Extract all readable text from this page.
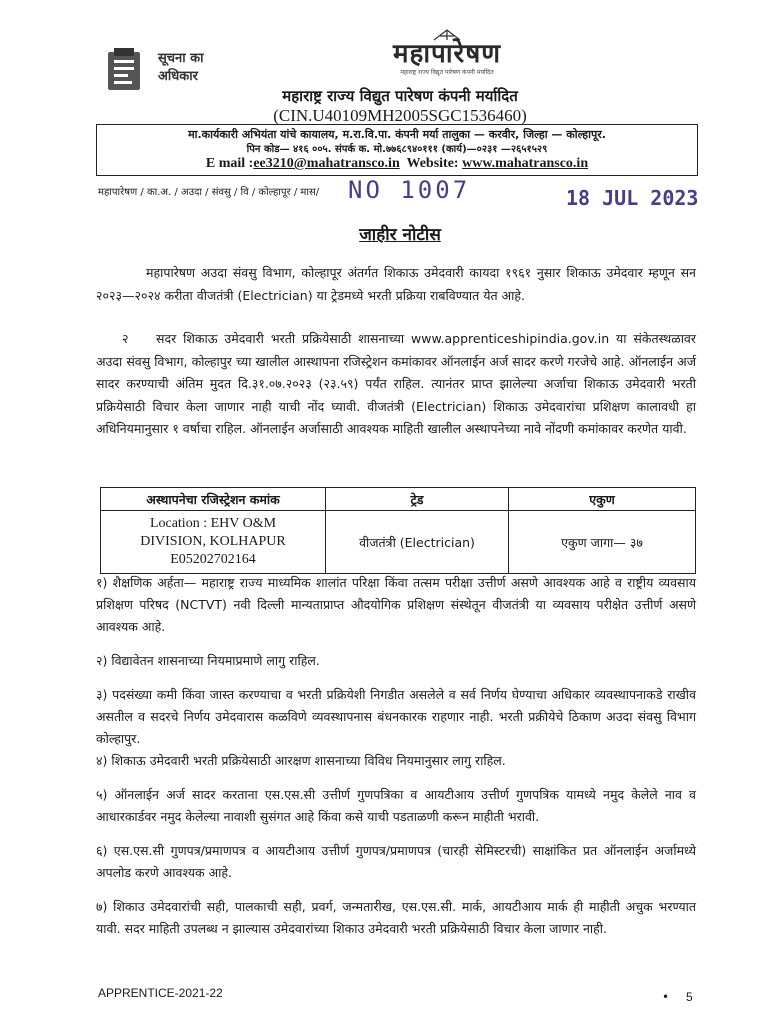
सूचना का
अधिकार
महापारेषण
महाराष्ट्र राज्य विद्युत पारेषण कंपनी मर्यादित
महाराष्ट्र राज्य विद्युत पारेषण कंपनी मर्यादित
(CIN.U40109MH2005SGC1536460)
मा.कार्यकारी अभियंता यांचे कायालय, म.रा.वि.पा. कंपनी मर्या तालुका — करवीर, जिल्हा — कोल्हापूर.
पिन कोड— ४१६ ००५. संपर्क क. मो.७७६८९४०१११ (कार्य)—०२३१ —२६५१५२९
E mail :ee3210@mahatransco.in Website: www.mahatransco.in
महापारेषण / का.अ. / अउदा / संवसु / वि / कोल्हापूर / मास/ NO 1007	18 JUL 2023
जाहीर नोटीस
महापारेषण अउदा संवसु विभाग, कोल्हापूर अंतर्गत शिकाऊ उमेदवारी कायदा १९६१ नुसार शिकाऊ उमेदवार म्हणून सन २०२३—२०२४ करीता वीजतंत्री (Electrician) या ट्रेडमध्ये भरती प्रक्रिया राबविण्यात येत आहे.
२ सदर शिकाऊ उमेदवारी भरती प्रक्रियेसाठी शासनाच्या www.apprenticeshipindia.gov.in या संकेतस्थळावर अउदा संवसु विभाग, कोल्हापुर च्या खालील आस्थापना रजिस्ट्रेशन कमांकावर ऑनलाईन अर्ज सादर करणे गरजेचे आहे. ऑनलाईन अर्ज सादर करण्याची अंतिम मुदत दि.३१.०७.२०२३ (२३.५९) पर्यंत राहिल. त्यानंतर प्राप्त झालेल्या अर्जाचा शिकाऊ उमेदवारी भरती प्रक्रियेसाठी विचार केला जाणार नाही याची नोंद घ्यावी. वीजतंत्री (Electrician) शिकाऊ उमेदवारांचा प्रशिक्षण कालावधी हा अधिनियमानुसार १ वर्षाचा राहिल. ऑनलाईन अर्जासाठी आवश्यक माहिती खालील अस्थापनेच्या नावे नोंदणी कमांकावर करणेत यावी.
अस्थापनेचा रजिस्ट्रेशन कमांक	ट्रेड	एकुण

Location : EHV O&M
DIVISION, KOLHAPUR
E05202702164	वीजतंत्री (Electrician)	एकुण जागा— ३७
१) शैक्षणिक अर्हता— महाराष्ट्र राज्य माध्यमिक शालांत परिक्षा किंवा तत्सम परीक्षा उत्तीर्ण असणे आवश्यक आहे व राष्ट्रीय व्यवसाय प्रशिक्षण परिषद (NCTVT) नवी दिल्ली मान्यताप्राप्त औदयोगिक प्रशिक्षण संस्थेतून वीजतंत्री या व्यवसाय परीक्षेत उत्तीर्ण असणे आवश्यक आहे.
२) विद्यावेतन शासनाच्या नियमाप्रमाणे लागु राहिल.
३) पदसंख्या कमी किंवा जास्त करण्याचा व भरती प्रक्रियेशी निगडीत असलेले व सर्व निर्णय घेण्याचा अधिकार व्यवस्थापनाकडे राखीव असतील व सदरचे निर्णय उमेदवारास कळविणे व्यवस्थापनास बंधनकारक राहणार नाही. भरती प्रक्रीयेचे ठिकाण अउदा संवसु विभाग कोल्हापुर.
४) शिकाऊ उमेदवारी भरती प्रक्रियेसाठी आरक्षण शासनाच्या विविध नियमानुसार लागु राहिल.
५) ऑनलाईन अर्ज सादर करताना एस.एस.सी उत्तीर्ण गुणपत्रिका व आयटीआय उत्तीर्ण गुणपत्रिक यामध्ये नमुद केलेले नाव व आधारकार्डवर नमुद केलेल्या नावाशी सुसंगत आहे किंवा कसे याची पडताळणी करून माहीती भरावी.
६) एस.एस.सी गुणपत्र/प्रमाणपत्र व आयटीआय उत्तीर्ण गुणपत्र/प्रमाणपत्र (चारही सेमिस्टरची) साक्षांकित प्रत ऑनलाईन अर्जामध्ये अपलोड करणे आवश्यक आहे.
७) शिकाउ उमेदवारांची सही, पालकाची सही, प्रवर्ग, जन्मतारीख, एस.एस.सी. मार्क, आयटीआय मार्क ही माहीती अचुक भरण्यात यावी. सदर माहिती उपलब्ध न झाल्यास उमेदवारांच्या शिकाउ उमेदवारी भरती प्रक्रियेसाठी विचार केला जाणार नाही.
APPRENTICE-2021-22	• 5
